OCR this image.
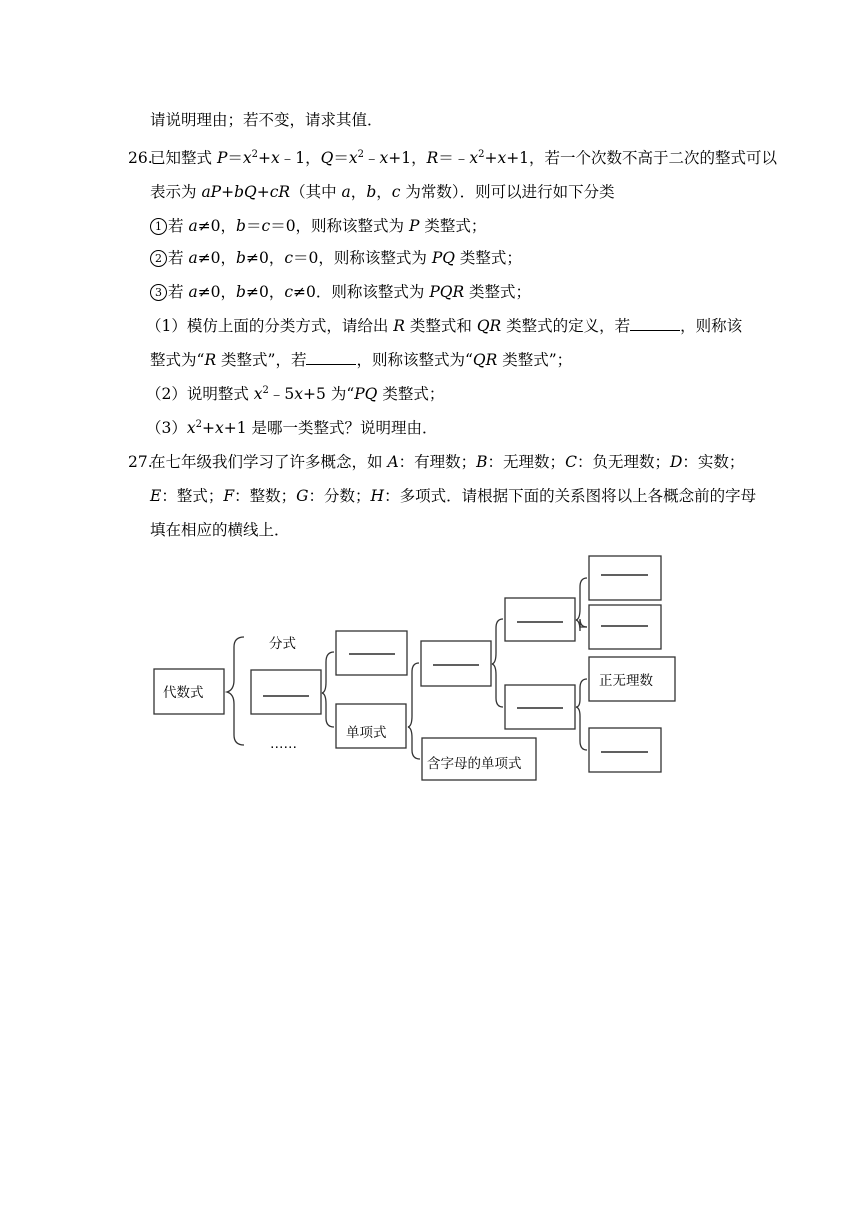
请说明理由；若不变，请求其值．
26.
已知整式 $P=x^2+x﹣1$，$Q=x^2﹣x+1$，$R=﹣x^2+x+1$，若一个次数不高于二次的整式可以
表示为 aP+bQ+cR（其中 a，b，c 为常数）．则可以进行如下分类
1 若 a≠0，b＝c＝0，则称该整式为 P 类整式；
2 若 a≠0，b≠0，c＝0，则称该整式为 PQ 类整式；
3 若 a≠0，b≠0，c≠0．则称该整式为 PQR 类整式；
（1）模仿上面的分类方式，请给出 R 类整式和 QR 类整式的定义，若	，则称该
整式为“R 类整式”，若	，则称该整式为“QR 类整式”；
（2）说明整式 $x^2﹣5x+5$ 为“PQ 类整式；
$(3)x^2+x+1$ 是哪一类整式？说明理由．
27.
在七年级我们学习了许多概念，如 A：有理数；B：无理数；C：负无理数；D：实数；
E：整式；F：整数；G：分数；H：多项式．请根据下面的关系图将以上各概念前的字母
填在相应的横线上．
代数式
分式
……
单项式
含字母的单项式
正无理数
